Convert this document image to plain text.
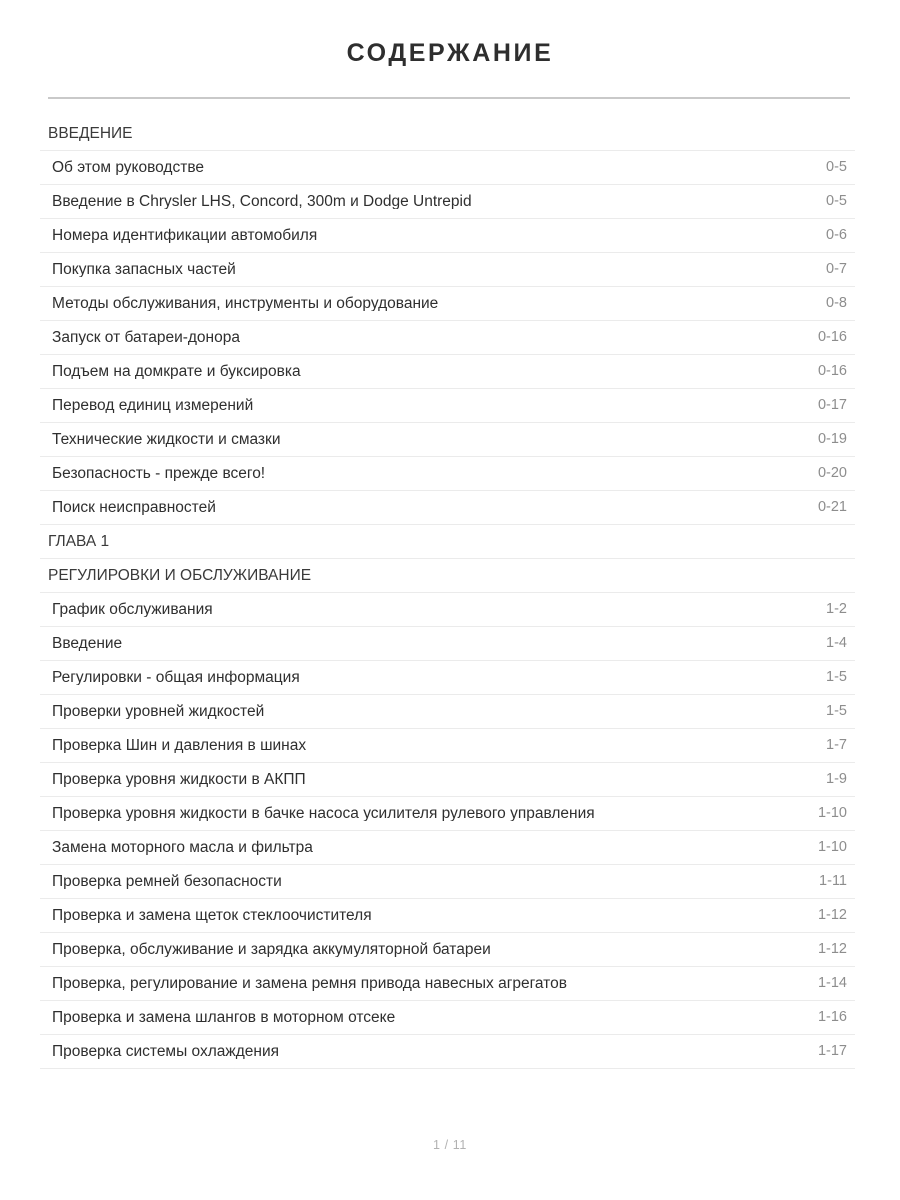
СОДЕРЖАНИЕ
ВВЕДЕНИЕ
Об этом руководстве	0-5
Введение в Chrysler LHS, Concord, 300m и Dodge Untrepid	0-5
Номера идентификации автомобиля	0-6
Покупка запасных частей	0-7
Методы обслуживания, инструменты и оборудование	0-8
Запуск от батареи-донора	0-16
Подъем на домкрате и буксировка	0-16
Перевод единиц измерений	0-17
Технические жидкости и смазки	0-19
Безопасность - прежде всего!	0-20
Поиск неисправностей	0-21
ГЛАВА 1
РЕГУЛИРОВКИ И ОБСЛУЖИВАНИЕ
График обслуживания	1-2
Введение	1-4
Регулировки - общая информация	1-5
Проверки уровней жидкостей	1-5
Проверка Шин и давления в шинах	1-7
Проверка уровня жидкости в АКПП	1-9
Проверка уровня жидкости в бачке насоса усилителя рулевого управления	1-10
Замена моторного масла и фильтра	1-10
Проверка ремней безопасности	1-11
Проверка и замена щеток стеклоочистителя	1-12
Проверка, обслуживание и зарядка аккумуляторной батареи	1-12
Проверка, регулирование и замена ремня привода навесных агрегатов	1-14
Проверка и замена шлангов в моторном отсеке	1-16
Проверка системы охлаждения	1-17
1 / 11
